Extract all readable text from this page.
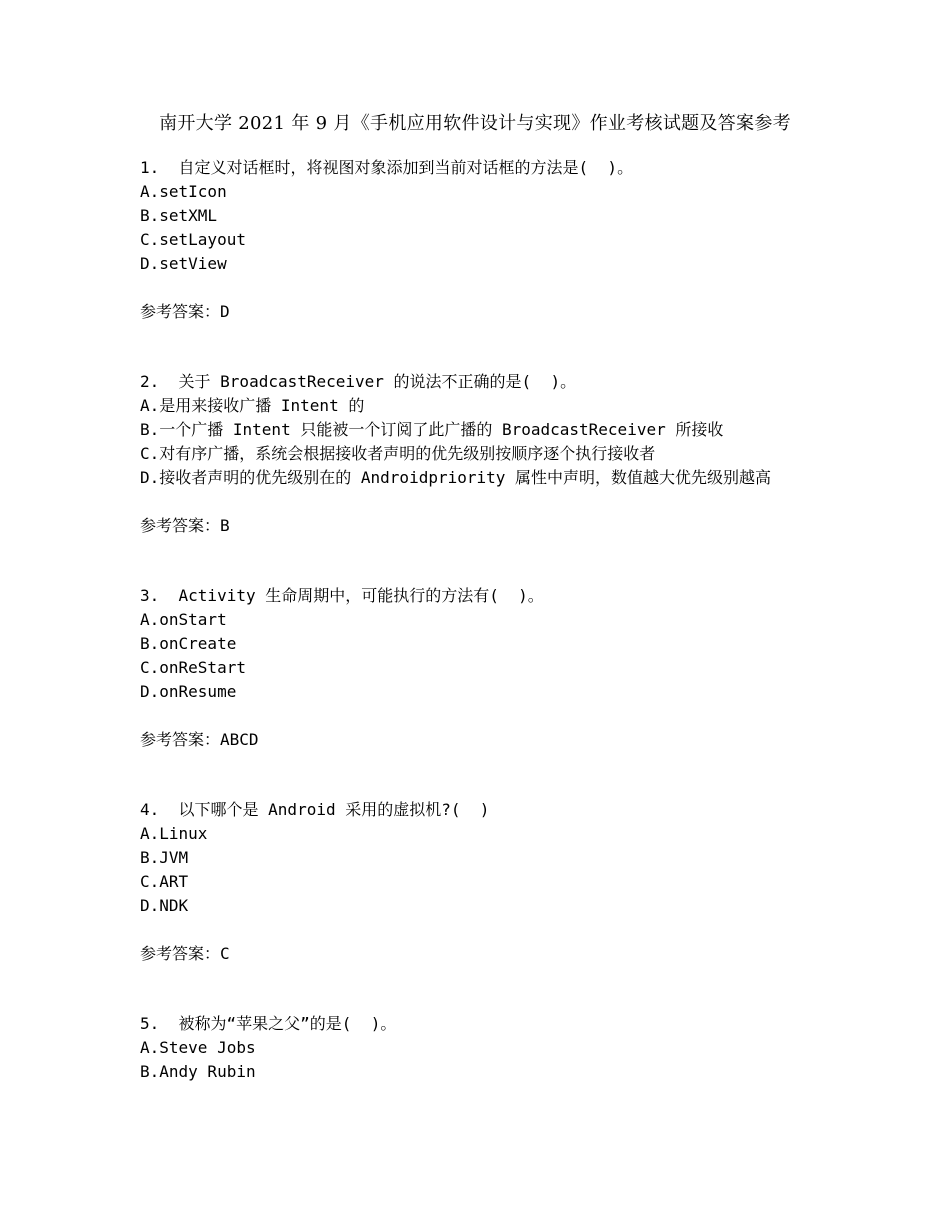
南开大学 2021 年 9 月《手机应用软件设计与实现》作业考核试题及答案参考
1. 自定义对话框时，将视图对象添加到当前对话框的方法是(  )。
A.setIcon
B.setXML
C.setLayout
D.setView
参考答案：D
2. 关于 BroadcastReceiver 的说法不正确的是(  )。
A.是用来接收广播 Intent 的
B.一个广播 Intent 只能被一个订阅了此广播的 BroadcastReceiver 所接收
C.对有序广播，系统会根据接收者声明的优先级别按顺序逐个执行接收者
D.接收者声明的优先级别在的 Androidpriority 属性中声明，数值越大优先级别越高
参考答案：B
3. Activity 生命周期中，可能执行的方法有(  )。
A.onStart
B.onCreate
C.onReStart
D.onResume
参考答案：ABCD
4. 以下哪个是 Android 采用的虚拟机?(  )
A.Linux
B.JVM
C.ART
D.NDK
参考答案：C
5. 被称为“苹果之父”的是(  )。
A.Steve Jobs
B.Andy Rubin
